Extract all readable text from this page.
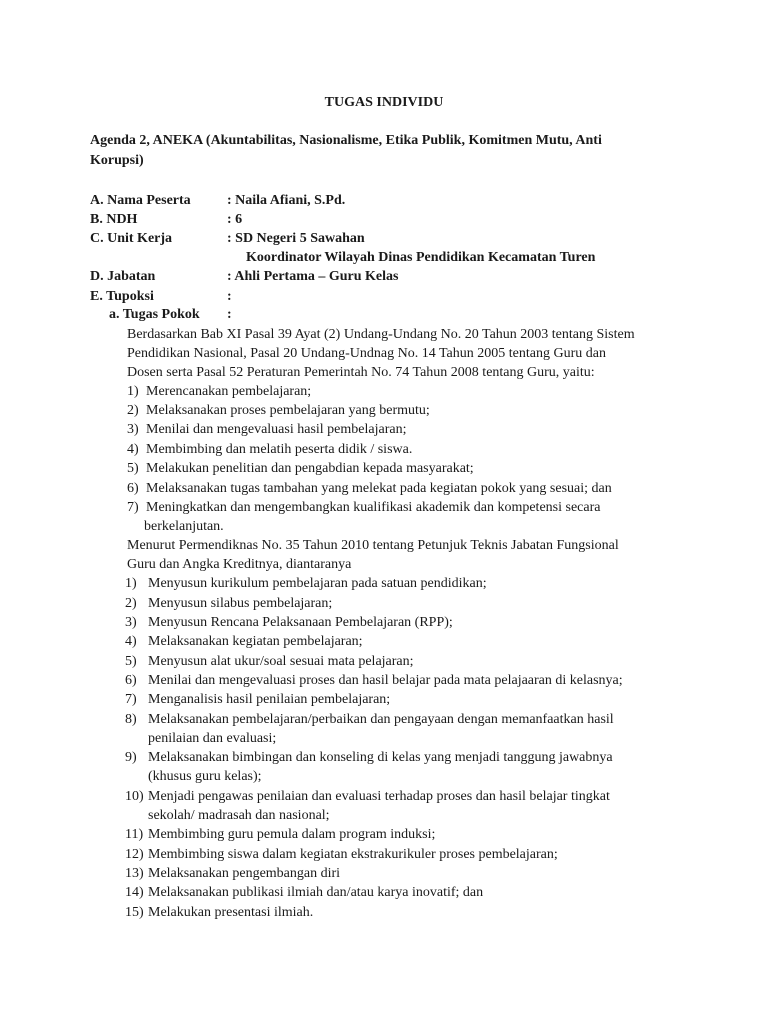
TUGAS INDIVIDU
Agenda 2, ANEKA (Akuntabilitas, Nasionalisme, Etika Publik, Komitmen Mutu, Anti
Korupsi)
A. Nama Peserta	: Naila Afiani, S.Pd.
B. NDH	: 6
C. Unit Kerja	: SD Negeri 5 Sawahan
Koordinator Wilayah Dinas Pendidikan Kecamatan Turen
D. Jabatan	: Ahli Pertama – Guru Kelas
E. Tupoksi	:
a. Tugas Pokok :
Berdasarkan Bab XI Pasal 39 Ayat (2) Undang-Undang No. 20 Tahun 2003 tentang Sistem
Pendidikan Nasional, Pasal 20 Undang-Undnag No. 14 Tahun 2005 tentang Guru dan
Dosen serta Pasal 52 Peraturan Pemerintah No. 74 Tahun 2008 tentang Guru, yaitu:
1) Merencanakan pembelajaran;
2) Melaksanakan proses pembelajaran yang bermutu;
3) Menilai dan mengevaluasi hasil pembelajaran;
4) Membimbing dan melatih peserta didik / siswa.
5) Melakukan penelitian dan pengabdian kepada masyarakat;
6) Melaksanakan tugas tambahan yang melekat pada kegiatan pokok yang sesuai; dan
7) Meningkatkan dan mengembangkan kualifikasi akademik dan kompetensi secara
berkelanjutan.
Menurut Permendiknas No. 35 Tahun 2010 tentang Petunjuk Teknis Jabatan Fungsional
Guru dan Angka Kreditnya, diantaranya
1) Menyusun kurikulum pembelajaran pada satuan pendidikan;
2) Menyusun silabus pembelajaran;
3) Menyusun Rencana Pelaksanaan Pembelajaran (RPP);
4) Melaksanakan kegiatan pembelajaran;
5) Menyusun alat ukur/soal sesuai mata pelajaran;
6) Menilai dan mengevaluasi proses dan hasil belajar pada mata pelajaaran di kelasnya;
7) Menganalisis hasil penilaian pembelajaran;
8) Melaksanakan pembelajaran/perbaikan dan pengayaan dengan memanfaatkan hasil
penilaian dan evaluasi;
9) Melaksanakan bimbingan dan konseling di kelas yang menjadi tanggung jawabnya
(khusus guru kelas);
10) Menjadi pengawas penilaian dan evaluasi terhadap proses dan hasil belajar tingkat
sekolah/ madrasah dan nasional;
11) Membimbing guru pemula dalam program induksi;
12) Membimbing siswa dalam kegiatan ekstrakurikuler proses pembelajaran;
13) Melaksanakan pengembangan diri
14) Melaksanakan publikasi ilmiah dan/atau karya inovatif; dan
15) Melakukan presentasi ilmiah.
